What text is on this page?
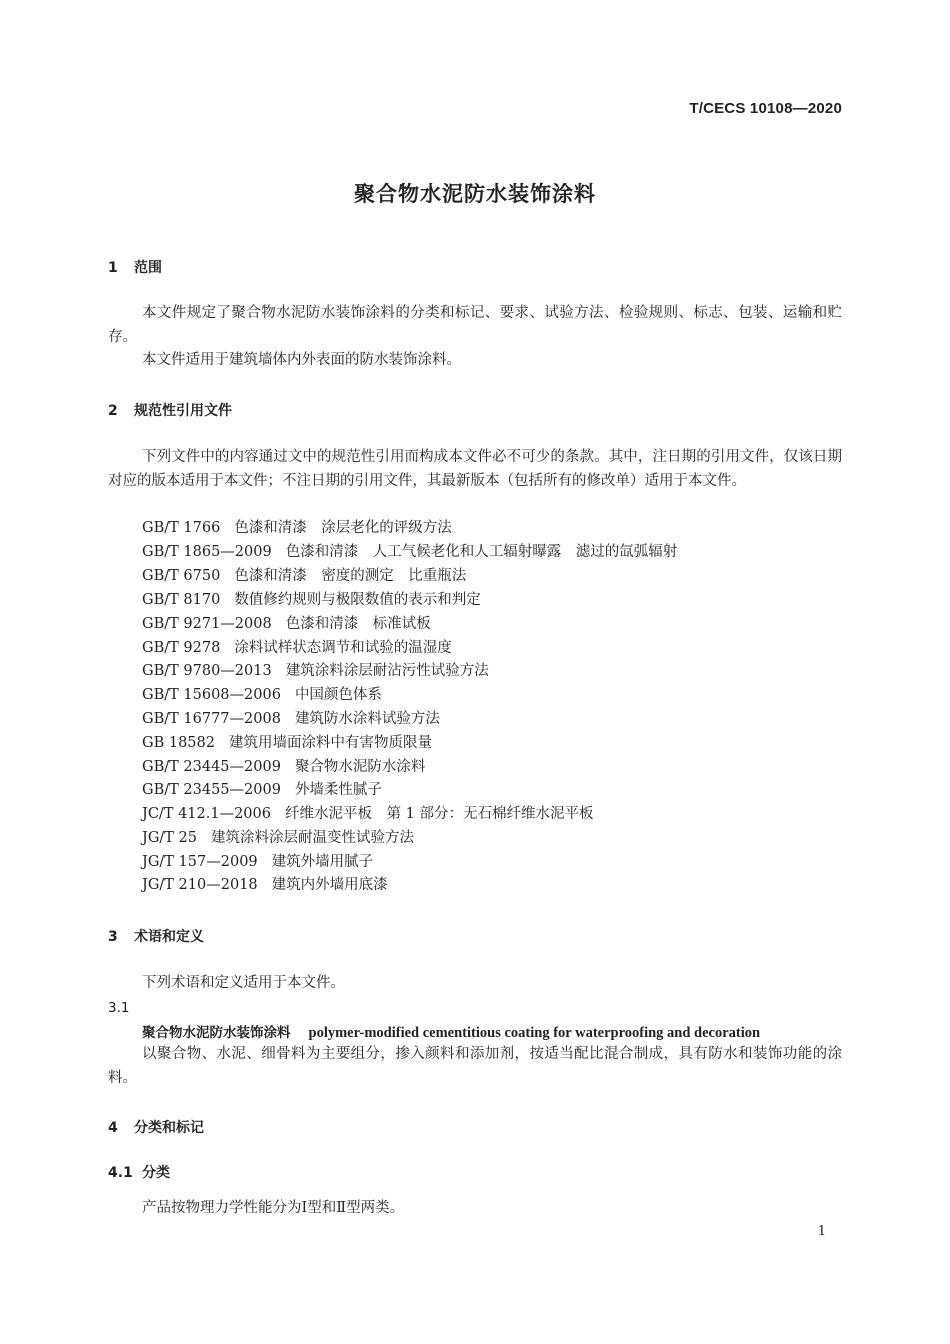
T/CECS 10108—2020
聚合物水泥防水装饰涂料
1 范围

本文件规定了聚合物水泥防水装饰涂料的分类和标记、要求、试验方法、检验规则、标志、包装、运输和贮存。

本文件适用于建筑墙体内外表面的防水装饰涂料。

2 规范性引用文件

下列文件中的内容通过文中的规范性引用而构成本文件必不可少的条款。其中，注日期的引用文件，仅该日期对应的版本适用于本文件；不注日期的引用文件，其最新版本（包括所有的修改单）适用于本文件。

GB/T 1766 色漆和清漆　涂层老化的评级方法
GB/T 1865—2009 色漆和清漆　人工气候老化和人工辐射曝露　滤过的氙弧辐射
GB/T 6750 色漆和清漆　密度的测定　比重瓶法
GB/T 8170 数值修约规则与极限数值的表示和判定
GB/T 9271—2008 色漆和清漆　标准试板
GB/T 9278 涂料试样状态调节和试验的温湿度
GB/T 9780—2013 建筑涂料涂层耐沾污性试验方法
GB/T 15608—2006 中国颜色体系
GB/T 16777—2008 建筑防水涂料试验方法
GB 18582 建筑用墙面涂料中有害物质限量
GB/T 23445—2009 聚合物水泥防水涂料
GB/T 23455—2009 外墙柔性腻子
JC/T 412.1—2006 纤维水泥平板　第 1 部分：无石棉纤维水泥平板
JG/T 25 建筑涂料涂层耐温变性试验方法
JG/T 157—2009 建筑外墙用腻子
JG/T 210—2018 建筑内外墙用底漆
3 术语和定义

下列术语和定义适用于本文件。

3.1
聚合物水泥防水装饰涂料 polymer-modified cementitious coating for waterproofing and decoration

以聚合物、水泥、细骨料为主要组分，掺入颜料和添加剂，按适当配比混合制成，具有防水和装饰功能的涂料。

4 分类和标记
4.1 分类

产品按物理力学性能分为Ⅰ型和Ⅱ型两类。

1
